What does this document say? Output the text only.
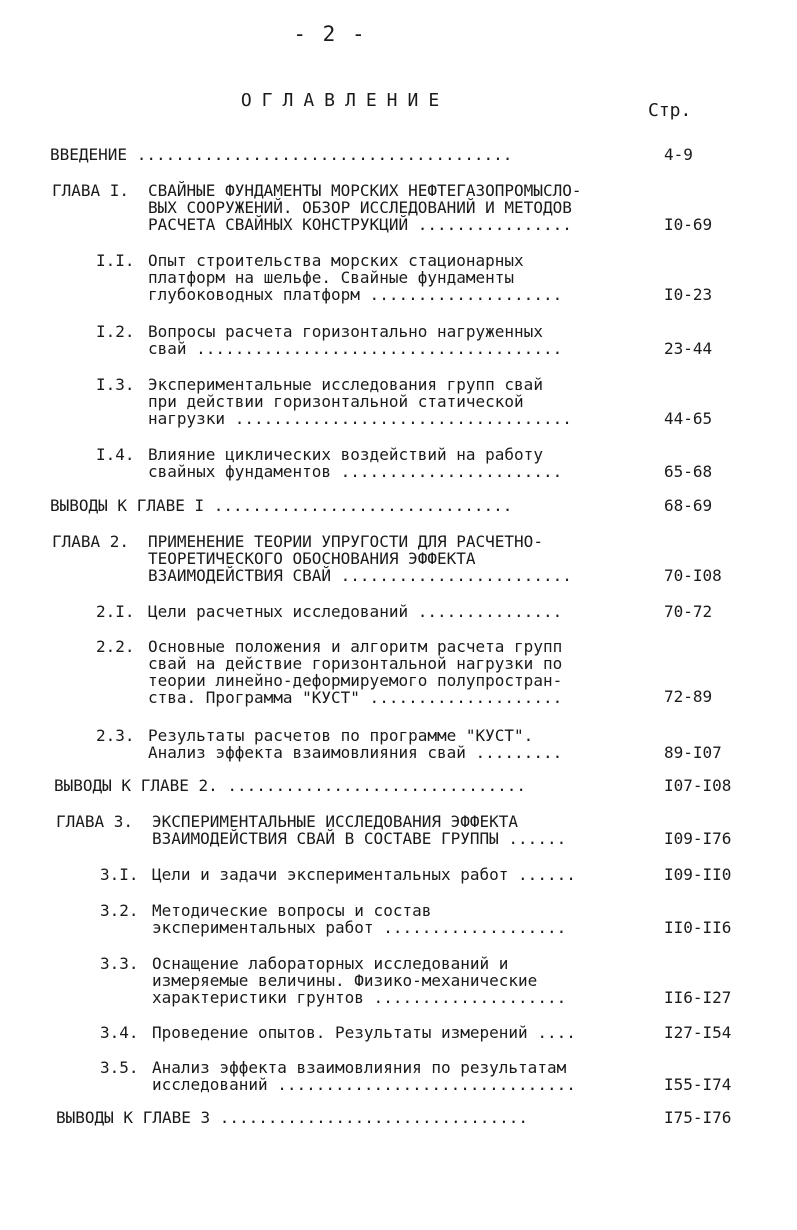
- 2 -
ОГЛАВЛЕНИЕ	Стр.
ВВЕДЕНИЕ .......................................	4-9
ГЛАВА I. СВАЙНЫЕ ФУНДАМЕНТЫ МОРСКИХ НЕФТЕГАЗОПРОМЫСЛО-
ВЫХ СООРУЖЕНИЙ. ОБЗОР ИССЛЕДОВАНИЙ И МЕТОДОВ
РАСЧЕТА СВАЙНЫХ КОНСТРУКЦИЙ ................	I0-69
I.I. Опыт строительства морских стационарных
платформ на шельфе. Свайные фундаменты
глубоководных платформ ....................	I0-23
I.2. Вопросы расчета горизонтально нагруженных
свай ......................................	23-44
I.3. Экспериментальные исследования групп свай
при действии горизонтальной статической
нагрузки ...................................	44-65
I.4. Влияние циклических воздействий на работу
свайных фундаментов .......................	65-68
ВЫВОДЫ К ГЛАВЕ I ...............................	68-69
ГЛАВА 2. ПРИМЕНЕНИЕ ТЕОРИИ УПРУГОСТИ ДЛЯ РАСЧЕТНО-
ТЕОРЕТИЧЕСКОГО ОБОСНОВАНИЯ ЭФФЕКТА
ВЗАИМОДЕЙСТВИЯ СВАЙ ........................	70-I08
2.I. Цели расчетных исследований ...............	70-72
2.2. Основные положения и алгоритм расчета групп
свай на действие горизонтальной нагрузки по
теории линейно-деформируемого полупростран-
ства. Программа "КУСТ" ....................	72-89
2.3. Результаты расчетов по программе "КУСТ".
Анализ эффекта взаимовлияния свай .........	89-I07
ВЫВОДЫ К ГЛАВЕ 2. ...............................	I07-I08
ГЛАВА 3. ЭКСПЕРИМЕНТАЛЬНЫЕ ИССЛЕДОВАНИЯ ЭФФЕКТА
ВЗАИМОДЕЙСТВИЯ СВАЙ В СОСТАВЕ ГРУППЫ ......	I09-I76
3.I. Цели и задачи экспериментальных работ ......	I09-II0
3.2. Методические вопросы и состав
экспериментальных работ ...................	II0-II6
3.3. Оснащение лабораторных исследований и
измеряемые величины. Физико-механические
характеристики грунтов ....................	II6-I27
3.4. Проведение опытов. Результаты измерений ....	I27-I54
3.5. Анализ эффекта взаимовлияния по результатам
исследований ...............................	I55-I74
ВЫВОДЫ К ГЛАВЕ 3 ................................	I75-I76
